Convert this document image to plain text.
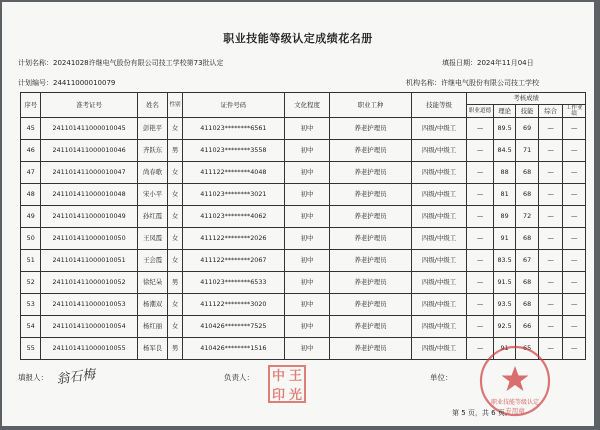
职业技能等级认定成绩花名册
计划名称：20241028许继电气股份有限公司技工学校第73批认定	填报日期：2024年11月04日
计划编号：24411000010079	机构名称：许继电气股份有限公司技工学校
序号	准考证号	姓名	性别	证件号码	文化程度	职业工种	技能等级	考核成绩				
								职业道德	理论	技能	综合	工作业绩
45	241101411000010045	彭艳平	女	411023********6561	初中	养老护理员	四级/中级工	—	89.5	69	—	—
46	241101411000010046	齐跃东	男	411023********3558	初中	养老护理员	四级/中级工	—	84.5	71	—	—
47	241101411000010047	尚春歌	女	411122********4048	初中	养老护理员	四级/中级工	—	88	68	—	—
48	241101411000010048	宋小平	女	411023********3021	初中	养老护理员	四级/中级工	—	81	68	—	—
49	241101411000010049	孙红霞	女	411023********4062	初中	养老护理员	四级/中级工	—	89	72	—	—
50	241101411000010050	王凤霞	女	411122********2026	初中	养老护理员	四级/中级工	—	91	68	—	—
51	241101411000010051	王会霞	女	411122********2067	初中	养老护理员	四级/中级工	—	83.5	67	—	—
52	241101411000010052	徐纪朵	男	411023********6533	初中	养老护理员	四级/中级工	—	91.5	68	—	—
53	241101411000010053	杨潮双	女	411122********3020	初中	养老护理员	四级/中级工	—	93.5	68	—	—
54	241101411000010054	杨红丽	女	410426********7525	初中	养老护理员	四级/中级工	—	92.5	66	—	—
55	241101411000010055	杨军良	男	410426********1516	初中	养老护理员	四级/中级工	—	91	65	—	—
填报人： 翁石梅	负责人： 中 王
印 光
单位：
职业技能等级认定
专用章
第 5 页，共 6 页。
